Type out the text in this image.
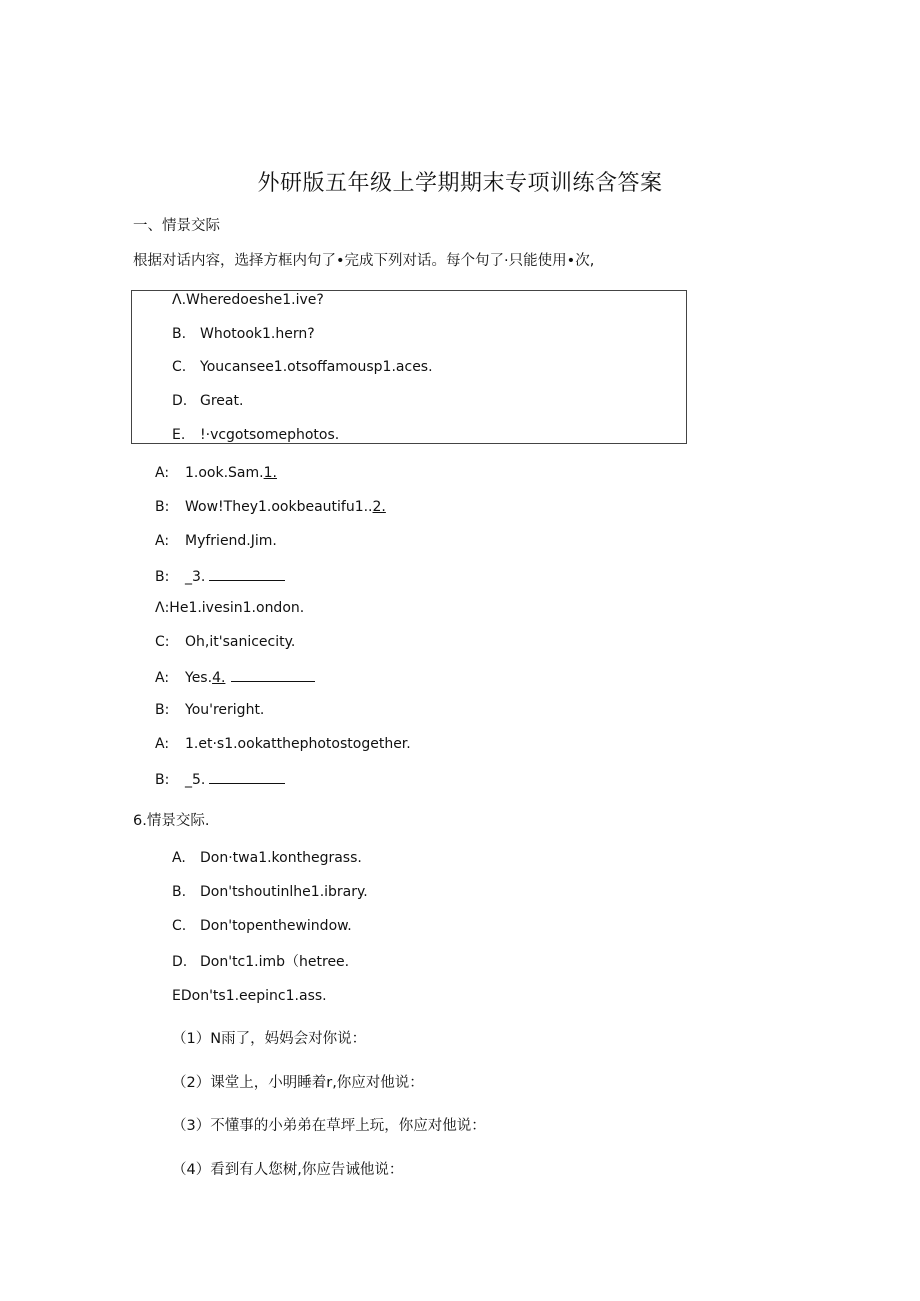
外研版五年级上学期期末专项训练含答案
一、情景交际
根据对话内容，选择方框内句了•完成下列对话。每个句了·只能使用•次,
Λ.Wheredoeshe1.ive?
B. Whotook1.hern?
C. Youcansee1.otsoffamousp1.aces.
D. Great.
E. !·vcgotsomephotos.
A: 1.ook.Sam.1.
B: Wow!They1.ookbeautifu1..2.
A: Myfriend.Jim.
B: _3.
Λ:He1.ivesin1.ondon.
C: Oh,it'sanicecity.
A: Yes.4.
B: You'reright.
A: 1.et·s1.ookatthephotostogether.
B: _5.
6.情景交际.
A. Don·twa1.konthegrass.
B. Don'tshoutinlhe1.ibrary.
C. Don'topenthewindow.
D. Don'tc1.imb（hetree.
EDon'ts1.eepinc1.ass.
（1）N雨了，妈妈会对你说：
（2）课堂上，小明睡着r,你应对他说：
（3）不懂事的小弟弟在草坪上玩，你应对他说：
（4）看到有人您树,你应告诫他说：
